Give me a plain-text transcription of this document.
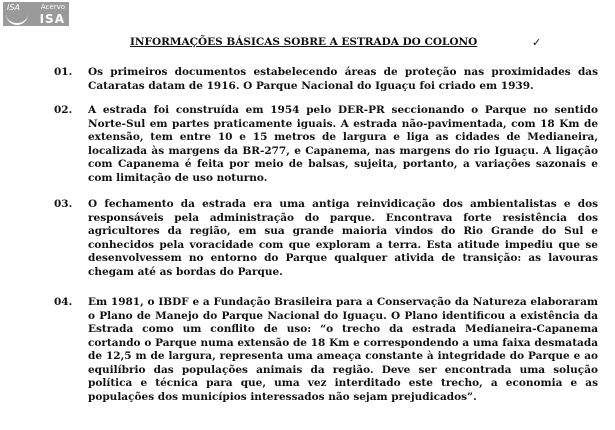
ISA	Acervo
ISA
INFORMAÇÕES BÁSICAS SOBRE A ESTRADA DO COLONO	✓
01. Os primeiros documentos estabelecendo áreas de proteção nas proximidades das Cataratas datam de 1916. O Parque Nacional do Iguaçu foi criado em 1939.
02. A estrada foi construída em 1954 pelo DER-PR seccionando o Parque no sentido Norte-Sul em partes praticamente iguais. A estrada não-pavimentada, com 18 Km de extensão, tem entre 10 e 15 metros de largura e liga as cidades de Medianeira, localizada às margens da BR-277, e Capanema, nas margens do rio Iguaçu. A ligação com Capanema é feita por meio de balsas, sujeita, portanto, a variações sazonais e com limitação de uso noturno.
03. O fechamento da estrada era uma antiga reinvidicação dos ambientalistas e dos responsáveis pela administração do parque. Encontrava forte resistência dos agricultores da região, em sua grande maioria vindos do Rio Grande do Sul e conhecidos pela voracidade com que exploram a terra. Esta atitude impediu que se desenvolvessem no entorno do Parque qualquer ativida de transição: as lavouras chegam até as bordas do Parque.
04. Em 1981, o IBDF e a Fundação Brasileira para a Conservação da Natureza elaboraram o Plano de Manejo do Parque Nacional do Iguaçu. O Plano identificou a existência da Estrada como um conflito de uso: “o trecho da estrada Medianeira-Capanema cortando o Parque numa extensão de 18 Km e correspondendo a uma faixa desmatada de 12,5 m de largura, representa uma ameaça constante à integridade do Parque e ao equilíbrio das populações animais da região. Deve ser encontrada uma solução política e técnica para que, uma vez interditado este trecho, a economia e as populações dos municípios interessados não sejam prejudicados”.
